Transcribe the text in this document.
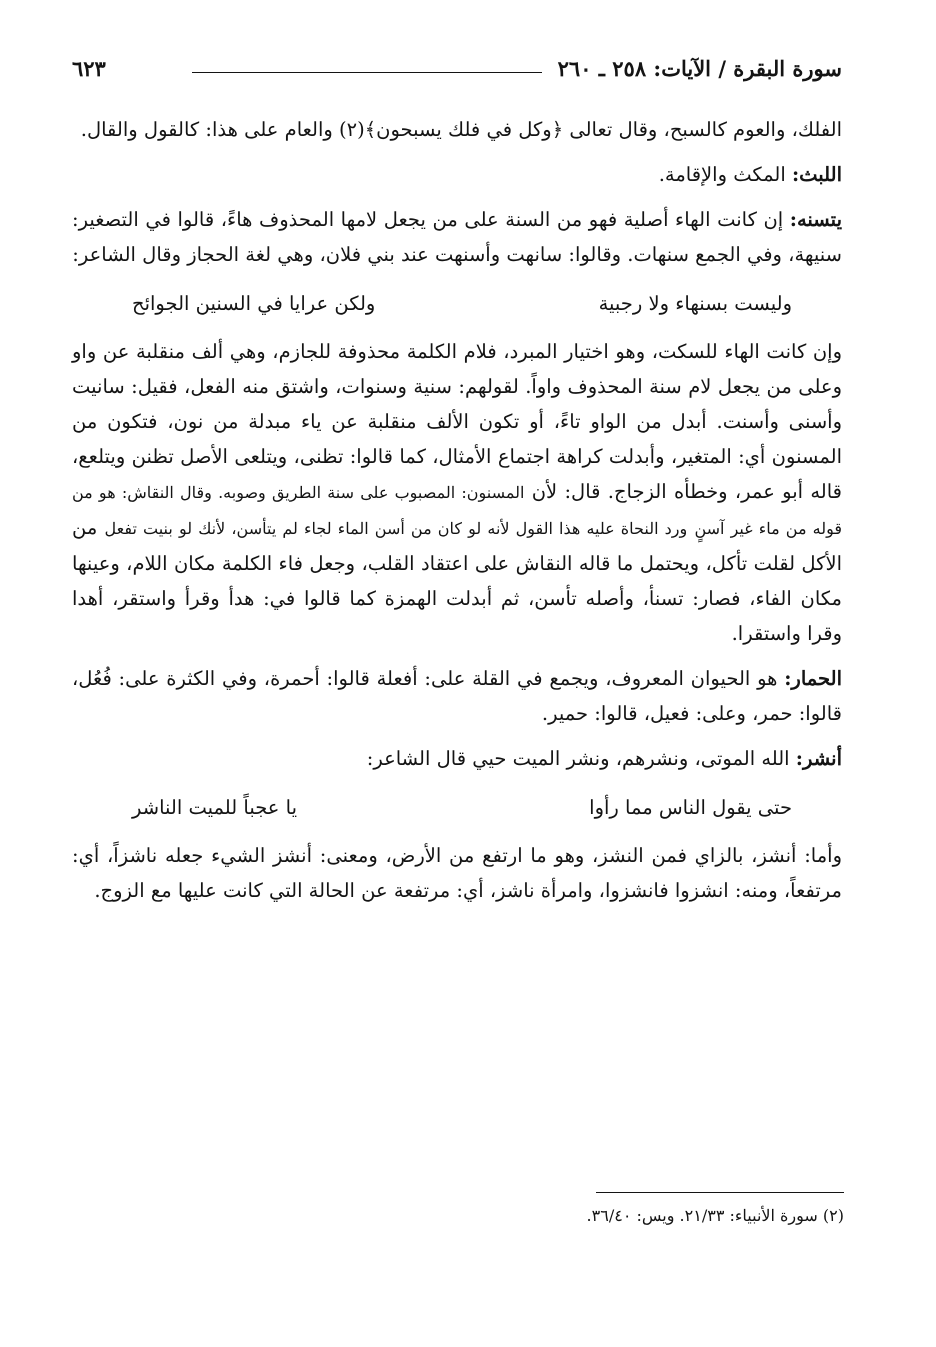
سورة البقرة / الآيات: ٢٥٨ ـ ٢٦٠
٦٢٣

الفلك، والعوم كالسبح، وقال تعالى ﴿وكل في فلك يسبحون﴾(٢) والعام على هذا: كالقول والقال.

اللبث: المكث والإقامة.

يتسنه: إن كانت الهاء أصلية فهو من السنة على من يجعل لامها المحذوف هاءً، قالوا في التصغير: سنيهة، وفي الجمع سنهات. وقالوا: سانهت وأسنهت عند بني فلان، وهي لغة الحجاز وقال الشاعر:

وليست بسنهاء ولا رجبية
ولكن عرايا في السنين الجوائح

وإن كانت الهاء للسكت، وهو اختيار المبرد، فلام الكلمة محذوفة للجازم، وهي ألف منقلبة عن واو وعلى من يجعل لام سنة المحذوف واواً. لقولهم: سنية وسنوات، واشتق منه الفعل، فقيل: سانيت وأسنى وأسنت. أبدل من الواو تاءً، أو تكون الألف منقلبة عن ياء مبدلة من نون، فتكون من المسنون أي: المتغير، وأبدلت كراهة اجتماع الأمثال، كما قالوا: تظنى، ويتلعى الأصل تظنن ويتلعع، قاله أبو عمر، وخطأه الزجاج. قال: لأن المسنون: المصبوب على سنة الطريق وصوبه. وقال النقاش: هو من قوله من ماء غير آسنٍ ورد النحاة عليه هذا القول لأنه لو كان من أسن الماء لجاء لم يتأسن، لأنك لو بنيت تفعل من الأكل لقلت تأكل، ويحتمل ما قاله النقاش على اعتقاد القلب، وجعل فاء الكلمة مكان اللام، وعينها مكان الفاء، فصار: تسنأ، وأصله تأسن، ثم أبدلت الهمزة كما قالوا في: هدأ وقرأ واستقر، أهدا وقرا واستقرا.

الحمار: هو الحيوان المعروف، ويجمع في القلة على: أفعلة قالوا: أحمرة، وفي الكثرة على: فُعُل، قالوا: حمر، وعلى: فعيل، قالوا: حمير.

أنشر: الله الموتى، ونشرهم، ونشر الميت حيي قال الشاعر:

حتى يقول الناس مما رأوا
يا عجباً للميت الناشر

وأما: أنشز، بالزاي فمن النشز، وهو ما ارتفع من الأرض، ومعنى: أنشز الشيء جعله ناشزاً، أي: مرتفعاً، ومنه: انشزوا فانشزوا، وامرأة ناشز، أي: مرتفعة عن الحالة التي كانت عليها مع الزوج.

(٢) سورة الأنبياء: ٢١/٣٣. ويس: ٣٦/٤٠.
